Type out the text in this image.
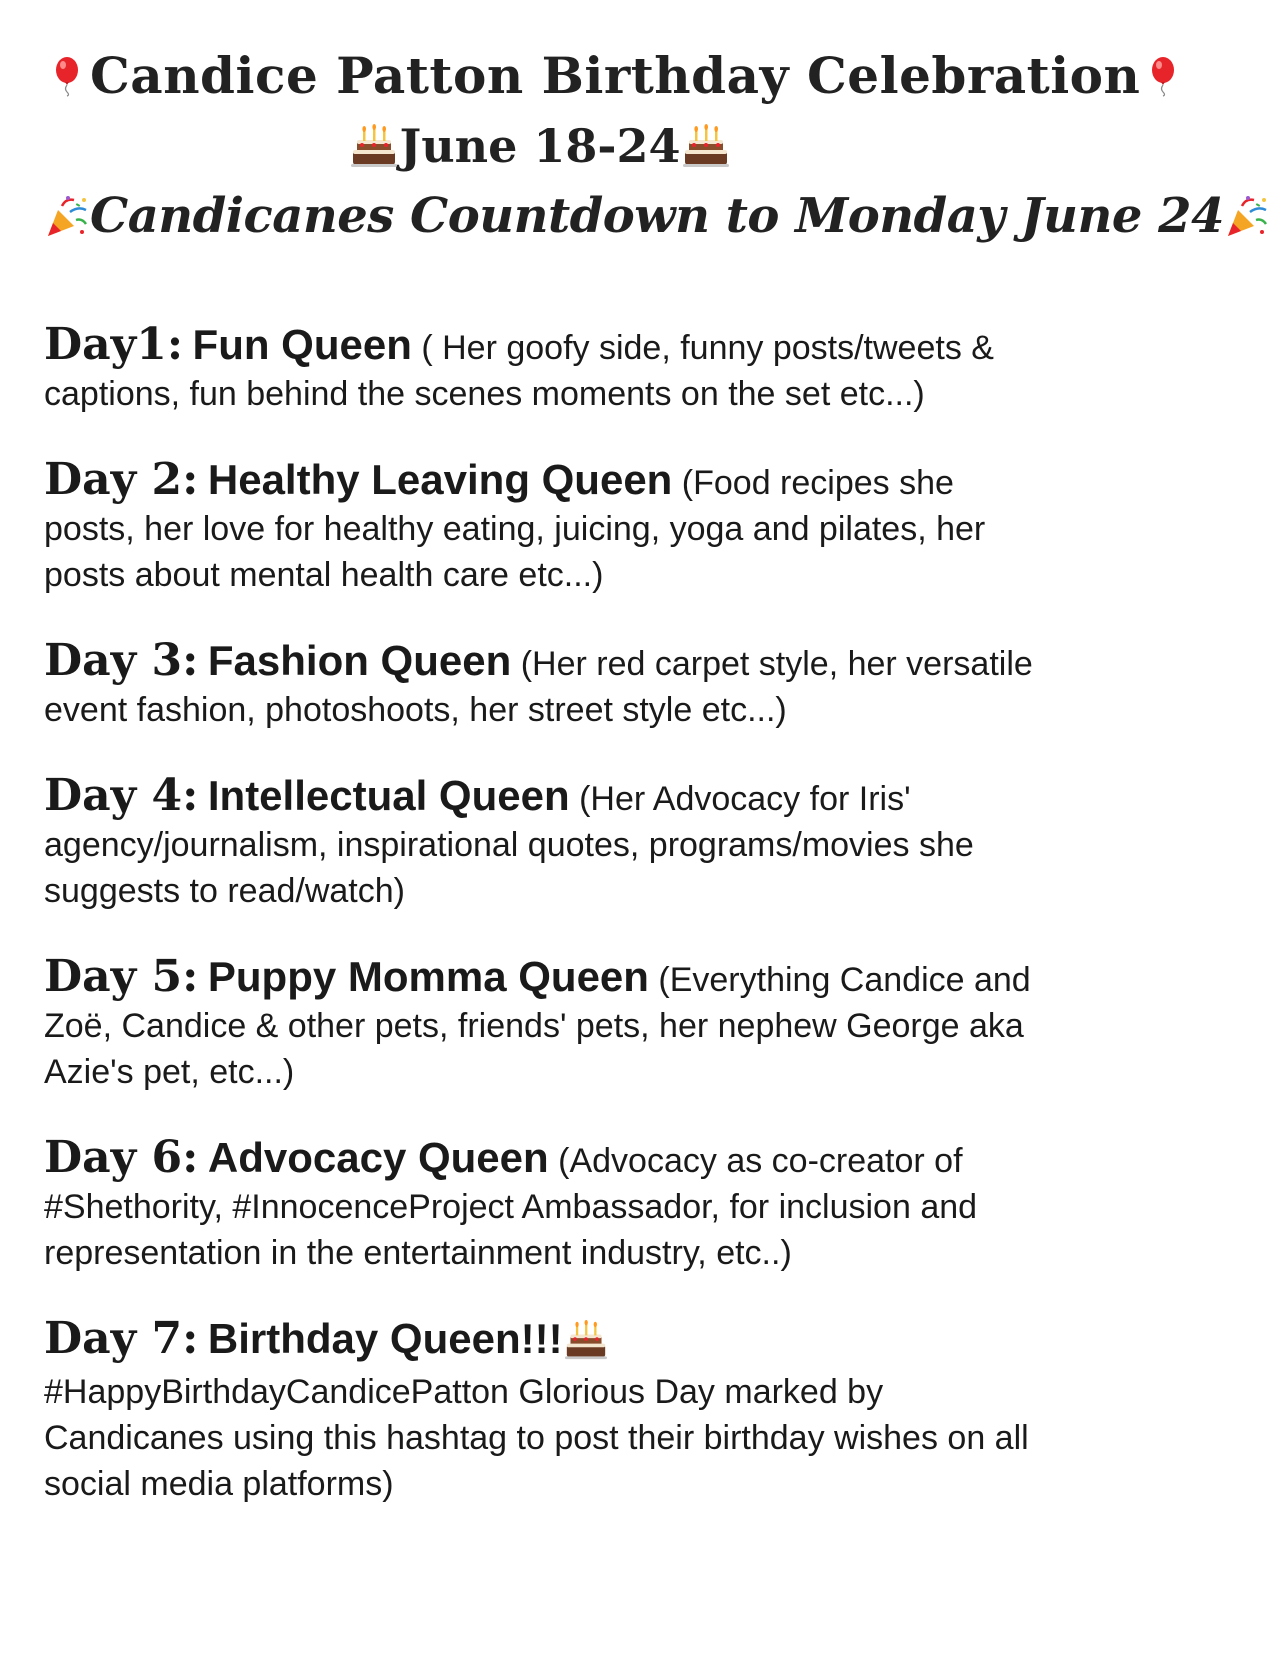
Candice Patton Birthday Celebration
June 18-24
Candicanes Countdown to Monday June 24
Day1: Fun Queen ( Her goofy side, funny posts/tweets & captions, fun behind the scenes moments on the set etc...)
Day 2: Healthy Leaving Queen (Food recipes she posts, her love for healthy eating, juicing, yoga and pilates, her posts about mental health care etc...)
Day 3: Fashion Queen (Her red carpet style, her versatile event fashion, photoshoots, her street style etc...)
Day 4: Intellectual Queen (Her Advocacy for Iris' agency/journalism, inspirational quotes, programs/movies she suggests to read/watch)
Day 5: Puppy Momma Queen (Everything Candice and Zoë, Candice & other pets, friends' pets, her nephew George aka Azie's pet, etc...)
Day 6: Advocacy Queen (Advocacy as co-creator of #Shethority, #InnocenceProject Ambassador, for inclusion and representation in the entertainment industry, etc..)
Day 7: Birthday Queen!!!
#HappyBirthdayCandicePatton Glorious Day marked by Candicanes using this hashtag to post their birthday wishes on all social media platforms)
